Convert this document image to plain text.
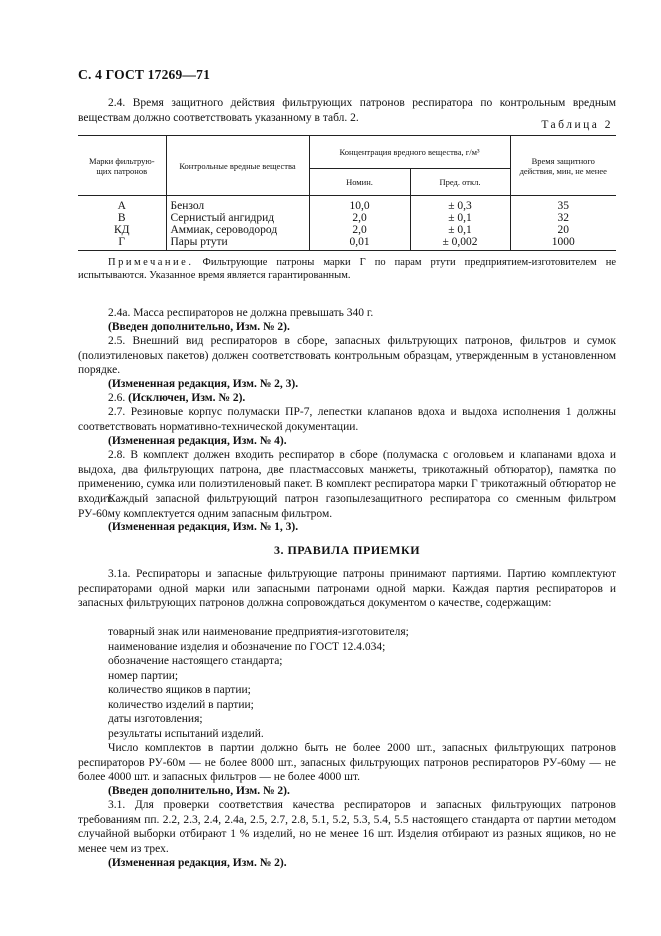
С. 4 ГОСТ 17269—71
2.4. Время защитного действия фильтрующих патронов респиратора по контрольным вредным веществам должно соответствовать указанному в табл. 2.
Таблица 2
Марки фильтрую- щих патронов	Контрольные вредные вещества	Концентрация вредного вещества, г/м³		Время защитного действия, мин, не менее
		Номин.	Пред. откл.	
А	Бензол	10,0	± 0,3	35
В	Сернистый ангидрид	2,0	± 0,1	32
КД	Аммиак, сероводород	2,0	± 0,1	20
Г	Пары ртути	0,01	± 0,002	1000
Примечание. Фильтрующие патроны марки Г по парам ртути предприятием-изготовителем не испытываются. Указанное время является гарантированным.
2.4а. Масса респираторов не должна превышать 340 г.
(Введен дополнительно, Изм. № 2).
2.5. Внешний вид респираторов в сборе, запасных фильтрующих патронов, фильтров и сумок (полиэтиленовых пакетов) должен соответствовать контрольным образцам, утвержденным в установленном порядке.
(Измененная редакция, Изм. № 2, 3).
2.6. (Исключен, Изм. № 2).
2.7. Резиновые корпус полумаски ПР-7, лепестки клапанов вдоха и выдоха исполнения 1 должны соответствовать нормативно-технической документации.
(Измененная редакция, Изм. № 4).
2.8. В комплект должен входить респиратор в сборе (полумаска с оголовьем и клапанами вдоха и выдоха, два фильтрующих патрона, две пластмассовых манжеты, трикотажный обтюратор), памятка по применению, сумка или полиэтиленовый пакет. В комплект респиратора марки Г трикотажный обтюратор не входит.
Каждый запасной фильтрующий патрон газопылезащитного респиратора со сменным фильтром РУ-60му комплектуется одним запасным фильтром.
(Измененная редакция, Изм. № 1, 3).
3. ПРАВИЛА ПРИЕМКИ
3.1а. Респираторы и запасные фильтрующие патроны принимают партиями. Партию комплектуют респираторами одной марки или запасными патронами одной марки. Каждая партия респираторов и запасных фильтрующих патронов должна сопровождаться документом о качестве, содержащим:
товарный знак или наименование предприятия-изготовителя;
наименование изделия и обозначение по ГОСТ 12.4.034;
обозначение настоящего стандарта;
номер партии;
количество ящиков в партии;
количество изделий в партии;
даты изготовления;
результаты испытаний изделий.
Число комплектов в партии должно быть не более 2000 шт., запасных фильтрующих патронов респираторов РУ-60м — не более 8000 шт., запасных фильтрующих патронов респираторов РУ-60му — не более 4000 шт. и запасных фильтров — не более 4000 шт.
(Введен дополнительно, Изм. № 2).
3.1. Для проверки соответствия качества респираторов и запасных фильтрующих патронов требованиям пп. 2.2, 2.3, 2.4, 2.4а, 2.5, 2.7, 2.8, 5.1, 5.2, 5.3, 5.4, 5.5 настоящего стандарта от партии методом случайной выборки отбирают 1 % изделий, но не менее 16 шт. Изделия отбирают из разных ящиков, но не менее чем из трех.
(Измененная редакция, Изм. № 2).
